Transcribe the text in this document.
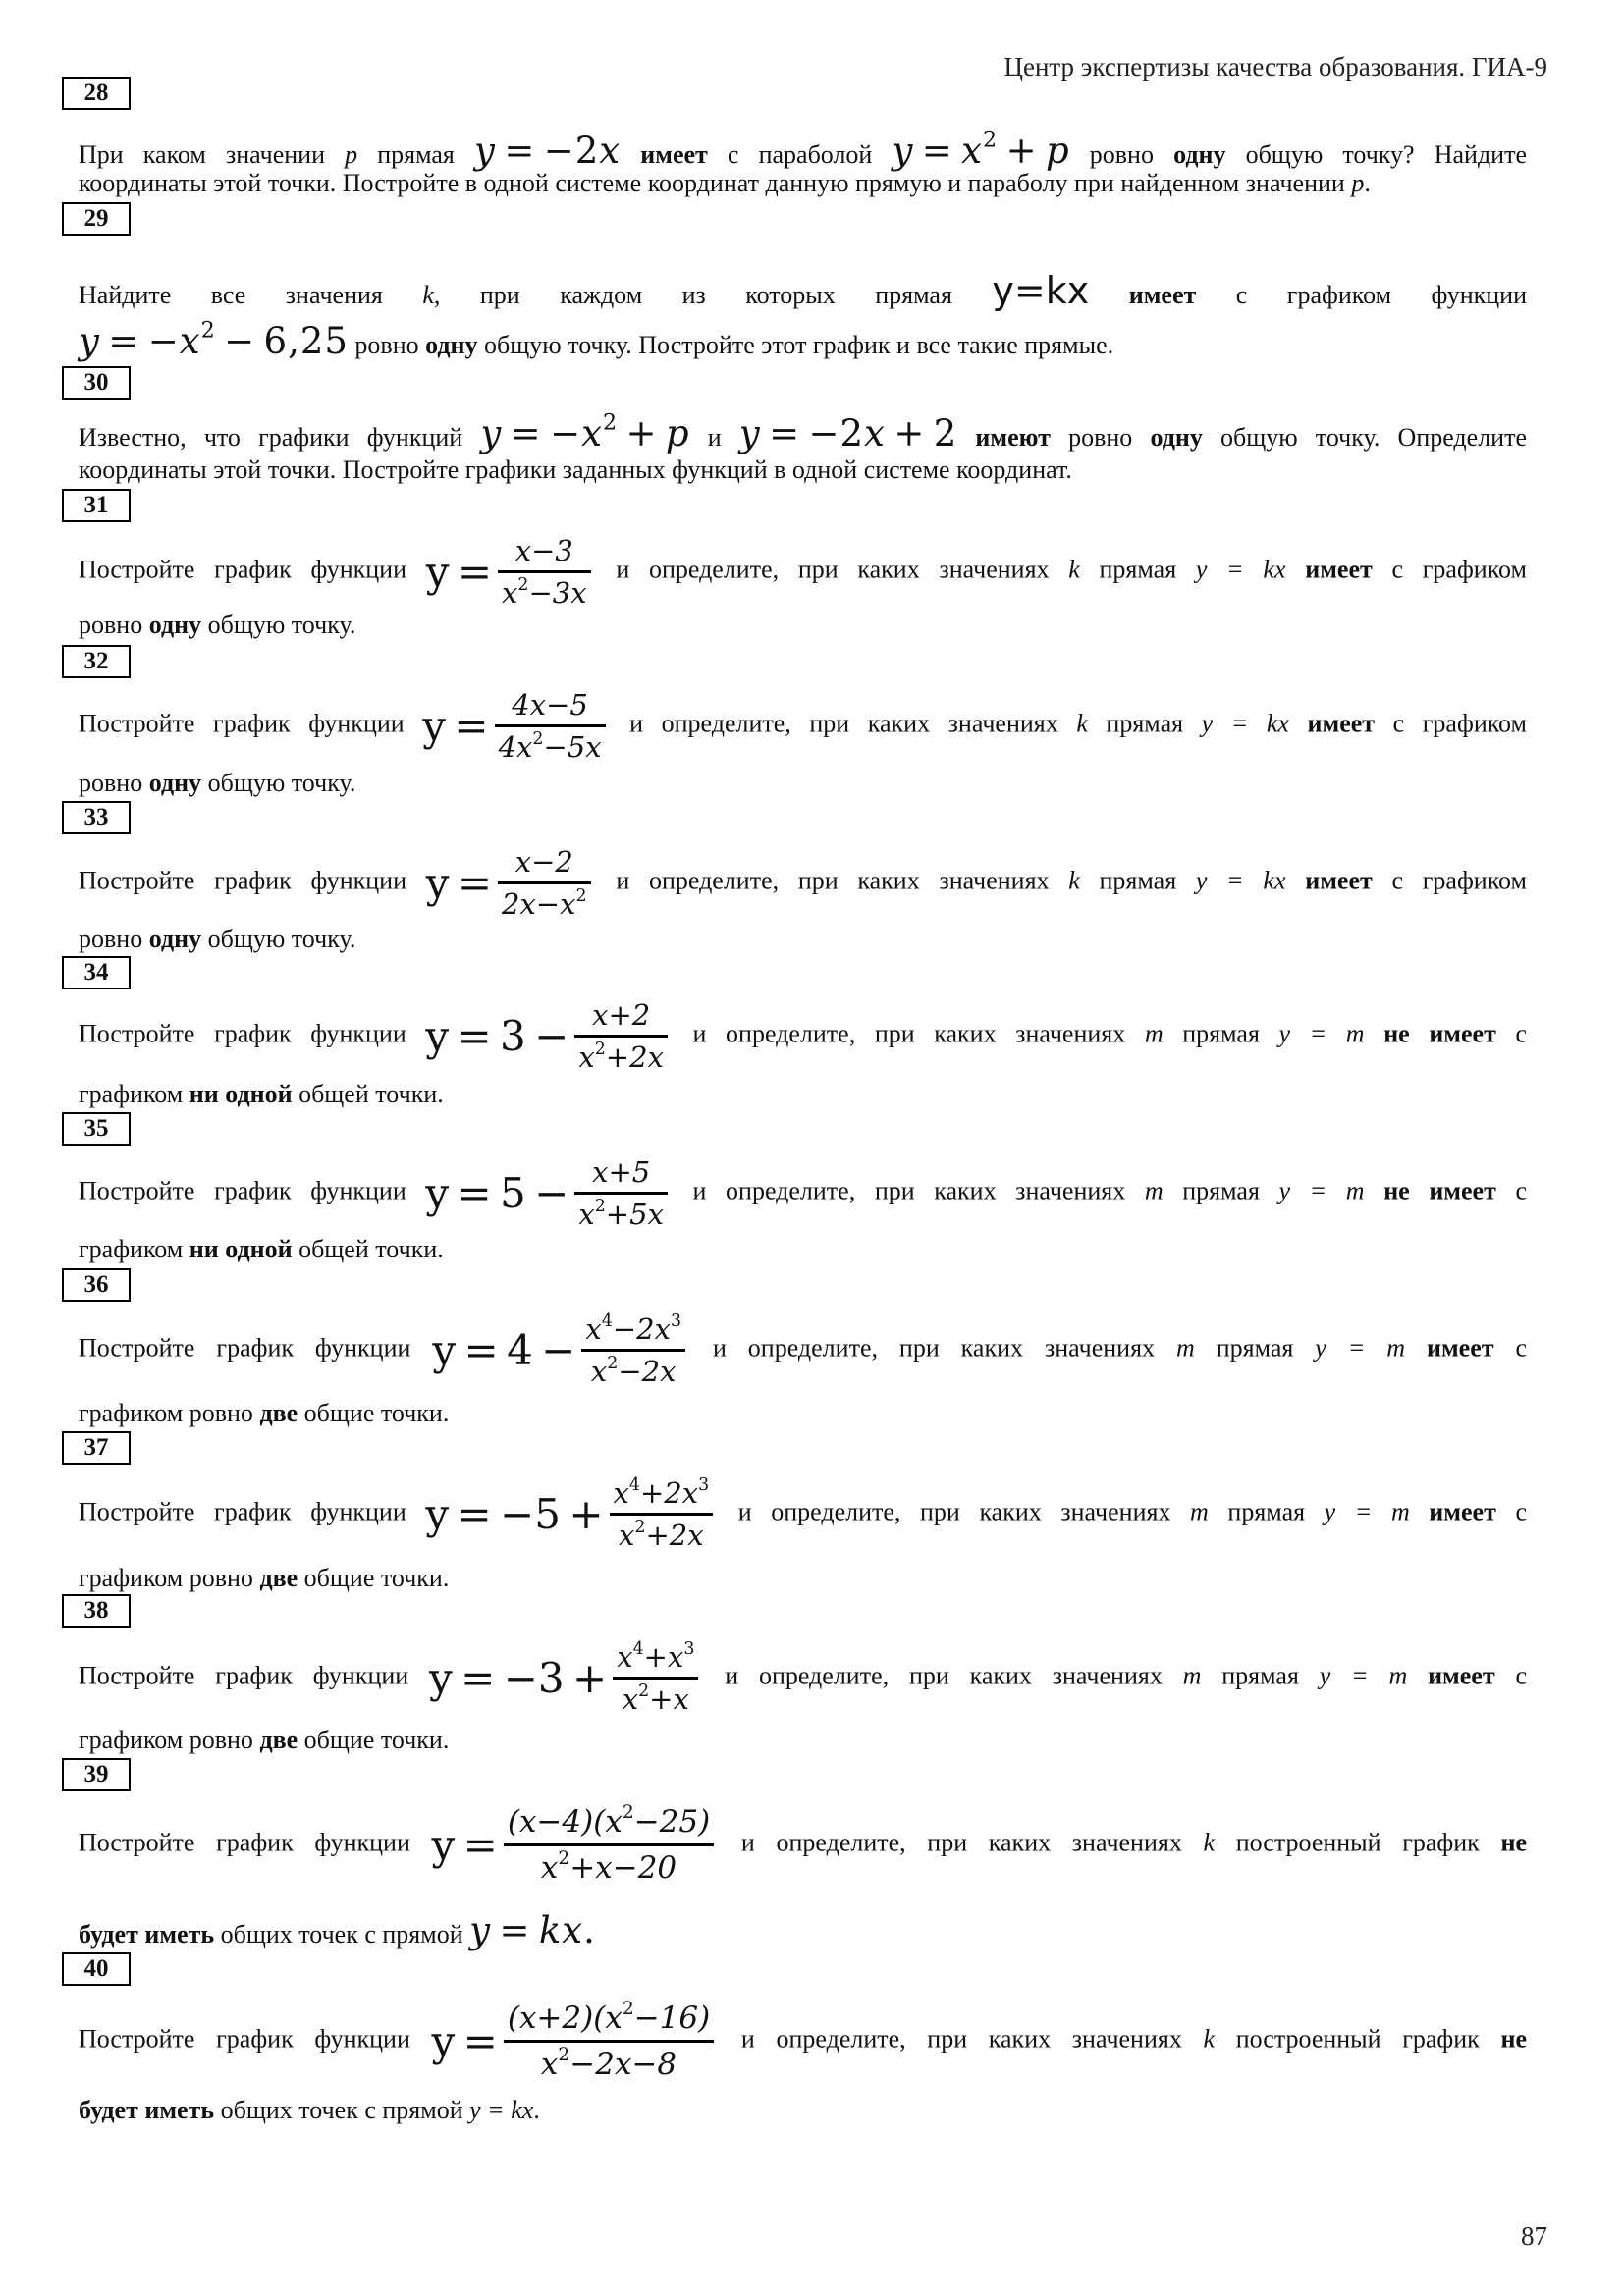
Центр экспертизы качества образования. ГИА-9
28
При каком значении p прямая y  =  −2x имеет с параболой $y = x^2 + p$ ровно одну общую точку? Найдите
координаты этой точки. Постройте в одной системе координат данную прямую и параболу при найденном значении p.
29
Найдите все значения k, при каждом из которых прямая y=kx имеет с графиком функции
$y = -x^2 - 6,25$ ровно одну общую точку. Постройте этот график и все такие прямые.
30
Известно, что графики функций $y = -x^2 + p$ и y  =  −2x  +  2 имеют ровно одну общую точку. Определите
координаты этой точки. Постройте графики заданных функций в одной системе координат.
31
Постройте график функции $y = \frac{x-3}{x^2-3x}$ и определите, при каких значениях k прямая y = kx имеет с графиком
ровно одну общую точку.
32
Постройте график функции $y = \frac{4x-5}{4x^2-5x}$ и определите, при каких значениях k прямая y = kx имеет с графиком
ровно одну общую точку.
33
Постройте график функции $y = \frac{x-2}{2x-x^2}$ и определите, при каких значениях k прямая y = kx имеет с графиком
ровно одну общую точку.
34
Постройте график функции $y = 3 - \frac{x+2}{x^2+2x}$ и определите, при каких значениях m прямая y = m не имеет с
графиком ни одной общей точки.
35
Постройте график функции $y = 5 - \frac{x+5}{x^2+5x}$ и определите, при каких значениях m прямая y = m не имеет с
графиком ни одной общей точки.
36
Постройте график функции $y = 4 - \frac{x^4-2x^3}{x^2-2x}$ и определите, при каких значениях m прямая y = m имеет с
графиком ровно две общие точки.
37
Постройте график функции $y = -5 + \frac{x^4+2x^3}{x^2+2x}$ и определите, при каких значениях m прямая y = m имеет с
графиком ровно две общие точки.
38
Постройте график функции $y = -3 + \frac{x^4+x^3}{x^2+x}$ и определите, при каких значениях m прямая y = m имеет с
графиком ровно две общие точки.
39
Постройте график функции $y = \frac{(x-4)(x^2-25)}{x^2+x-20}$ и определите, при каких значениях k построенный график не
будет иметь общих точек с прямой y  =  kx.
40
Постройте график функции $y = \frac{(x+2)(x^2-16)}{x^2-2x-8}$ и определите, при каких значениях k построенный график не
будет иметь общих точек с прямой y = kx.
87
